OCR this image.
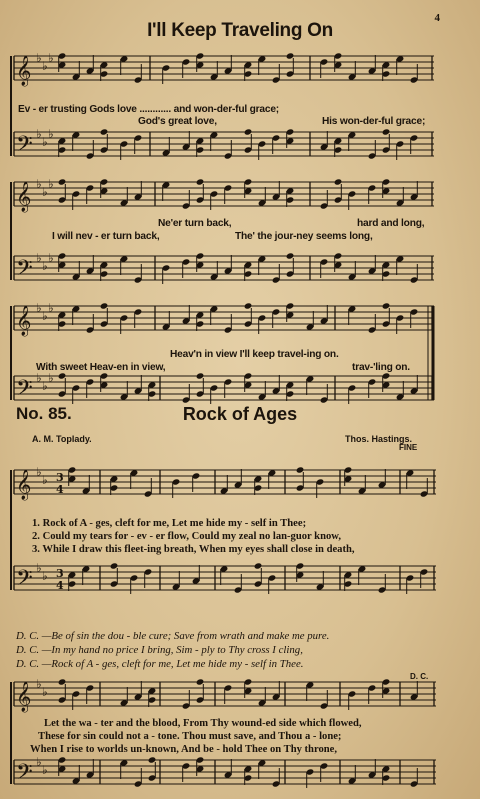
𝄞 ♭
♭
♭
𝄢 ♭
♭
♭
𝄞 ♭
♭
♭
𝄢 ♭
♭
♭
𝄞 ♭
♭
♭
𝄢 ♭
♭
♭
𝄞 ♭
♭ 3
4
𝄢 ♭
♭ 3
4
𝄞 ♭
♭
𝄢 ♭
♭
4
I'll Keep Traveling On
Ev - er trusting Gods love ............ and won-der-ful grace;
God's great love,	His won-der-ful grace;
Ne'er turn back,	hard and long,
I will nev - er turn back,	The' the jour-ney seems long,
Heav'n in view I'll keep travel-ing on.
With sweet Heav-en in view,	trav-'ling on.
No. 85.	Rock of Ages
A. M. Toplady.	Thos. Hastings.
FINE
1. Rock of A - ges, cleft for me, Let me hide my - self in Thee;
2. Could my tears for - ev - er flow, Could my zeal no lan-guor know,
3. While I draw this fleet-ing breath, When my eyes shall close in death,
D. C. —Be of sin the dou - ble cure; Save from wrath and make me pure.
D. C. —In my hand no price I bring, Sim - ply to Thy cross I cling,
D. C. —Rock of A - ges, cleft for me, Let me hide my - self in Thee.
D. C.
Let the wa - ter and the blood, From Thy wound-ed side which flowed,
These for sin could not a - tone. Thou must save, and Thou a - lone;
When I rise to worlds un-known, And be - hold Thee on Thy throne,
